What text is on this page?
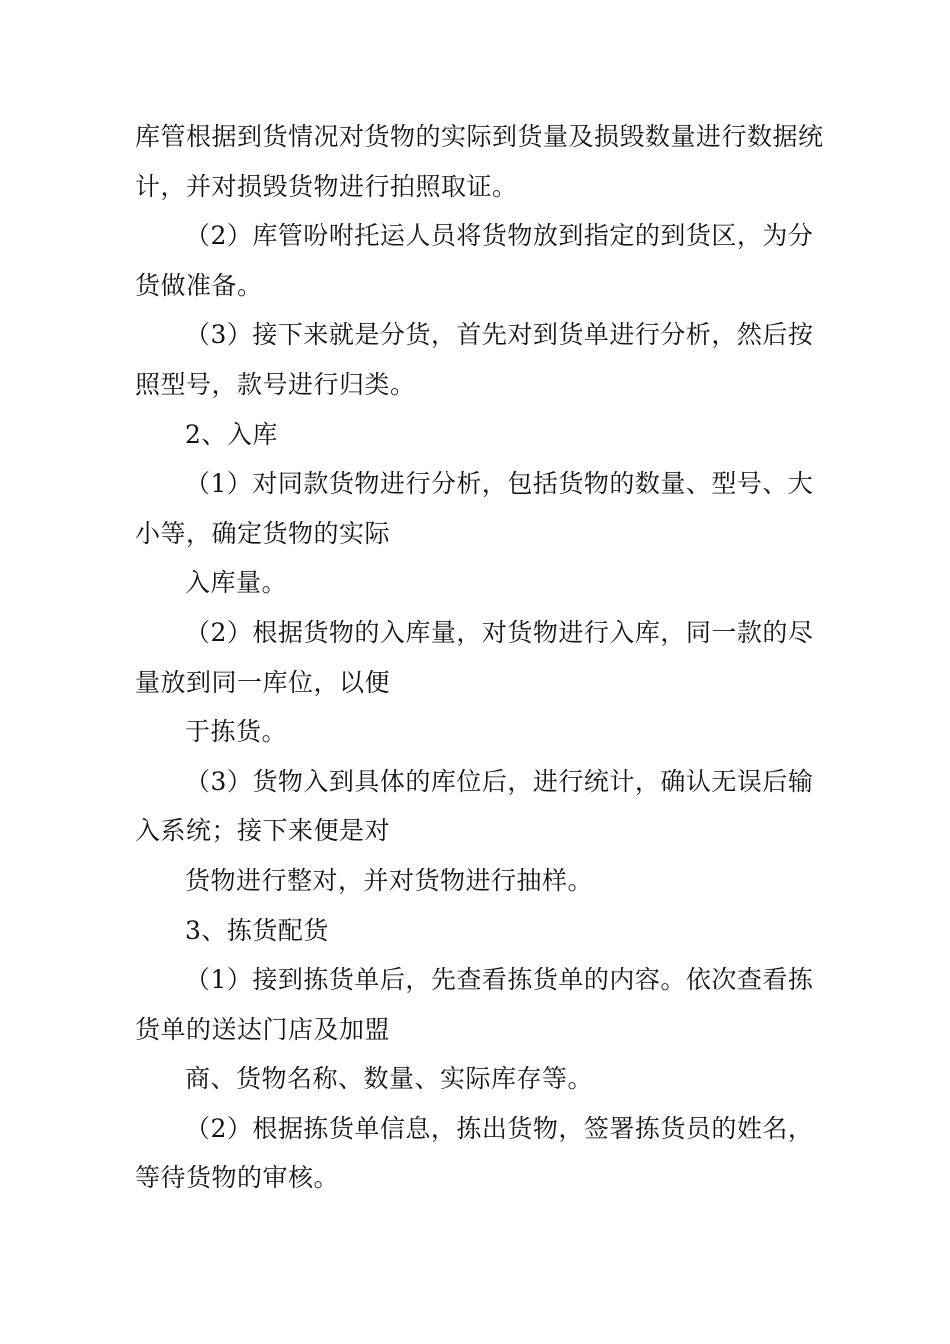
库管根据到货情况对货物的实际到货量及损毁数量进行数据统
计，并对损毁货物进行拍照取证。
（2）库管吩咐托运人员将货物放到指定的到货区，为分
货做准备。
（3）接下来就是分货，首先对到货单进行分析，然后按
照型号，款号进行归类。
2、入库
（1）对同款货物进行分析，包括货物的数量、型号、大
小等，确定货物的实际
入库量。
（2）根据货物的入库量，对货物进行入库，同一款的尽
量放到同一库位，以便
于拣货。
（3）货物入到具体的库位后，进行统计，确认无误后输
入系统；接下来便是对
货物进行整对，并对货物进行抽样。
3、拣货配货
（1）接到拣货单后，先查看拣货单的内容。依次查看拣
货单的送达门店及加盟
商、货物名称、数量、实际库存等。
（2）根据拣货单信息，拣出货物，签署拣货员的姓名，
等待货物的审核。
